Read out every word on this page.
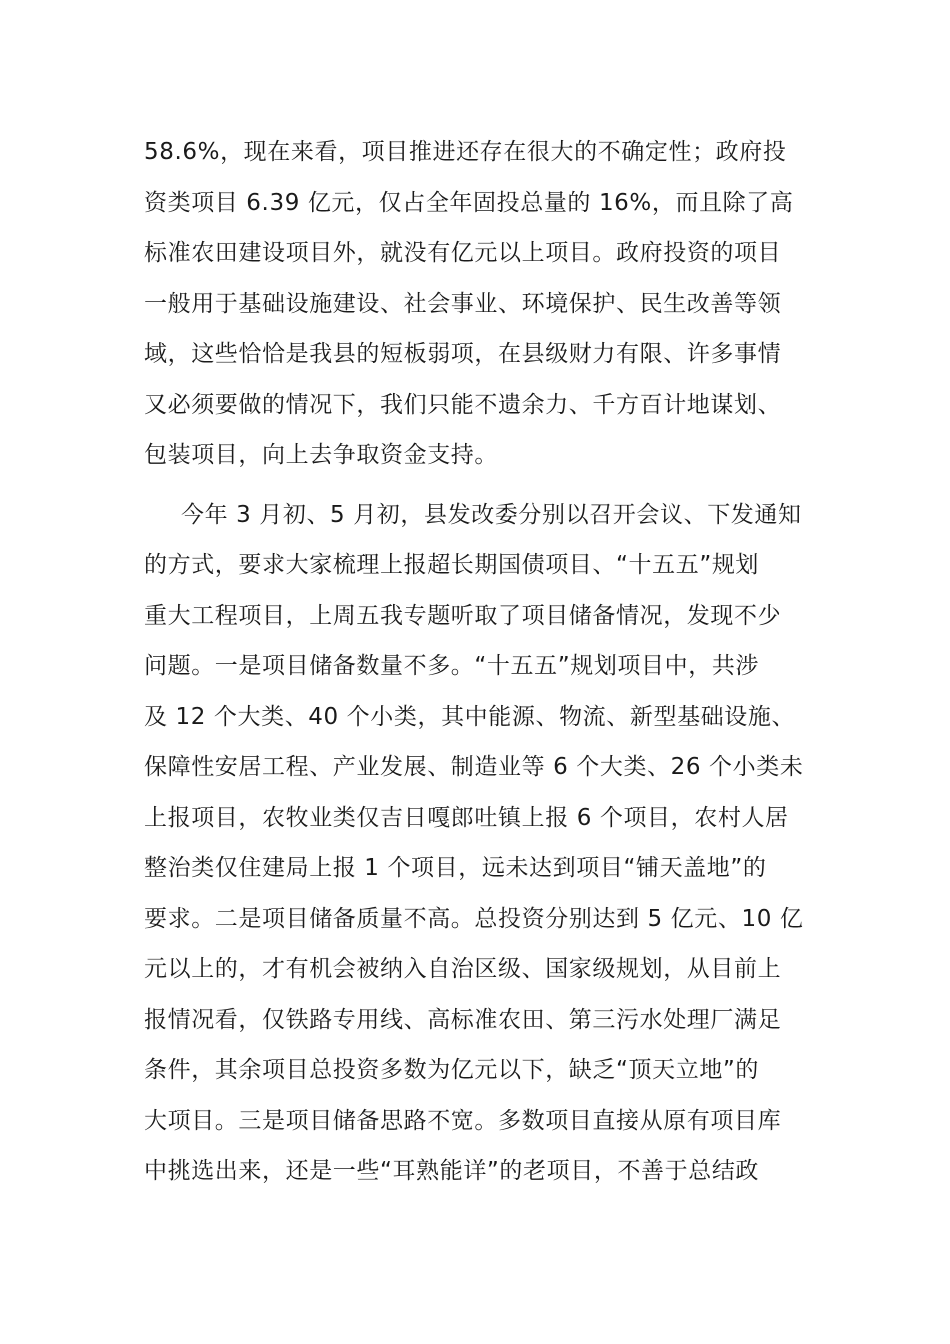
58.6%，现在来看，项目推进还存在很大的不确定性；政府投
资类项目 6.39 亿元，仅占全年固投总量的 16%，而且除了高
标准农田建设项目外，就没有亿元以上项目。政府投资的项目
一般用于基础设施建设、社会事业、环境保护、民生改善等领
域，这些恰恰是我县的短板弱项，在县级财力有限、许多事情
又必须要做的情况下，我们只能不遗余力、千方百计地谋划、
包装项目，向上去争取资金支持。
今年 3 月初、5 月初，县发改委分别以召开会议、下发通知
的方式，要求大家梳理上报超长期国债项目、“十五五”规划
重大工程项目，上周五我专题听取了项目储备情况，发现不少
问题。一是项目储备数量不多。“十五五”规划项目中，共涉
及 12 个大类、40 个小类，其中能源、物流、新型基础设施、
保障性安居工程、产业发展、制造业等 6 个大类、26 个小类未
上报项目，农牧业类仅吉日嘎郎吐镇上报 6 个项目，农村人居
整治类仅住建局上报 1 个项目，远未达到项目“铺天盖地”的
要求。二是项目储备质量不高。总投资分别达到 5 亿元、10 亿
元以上的，才有机会被纳入自治区级、国家级规划，从目前上
报情况看，仅铁路专用线、高标准农田、第三污水处理厂满足
条件，其余项目总投资多数为亿元以下，缺乏“顶天立地”的
大项目。三是项目储备思路不宽。多数项目直接从原有项目库
中挑选出来，还是一些“耳熟能详”的老项目，不善于总结政
